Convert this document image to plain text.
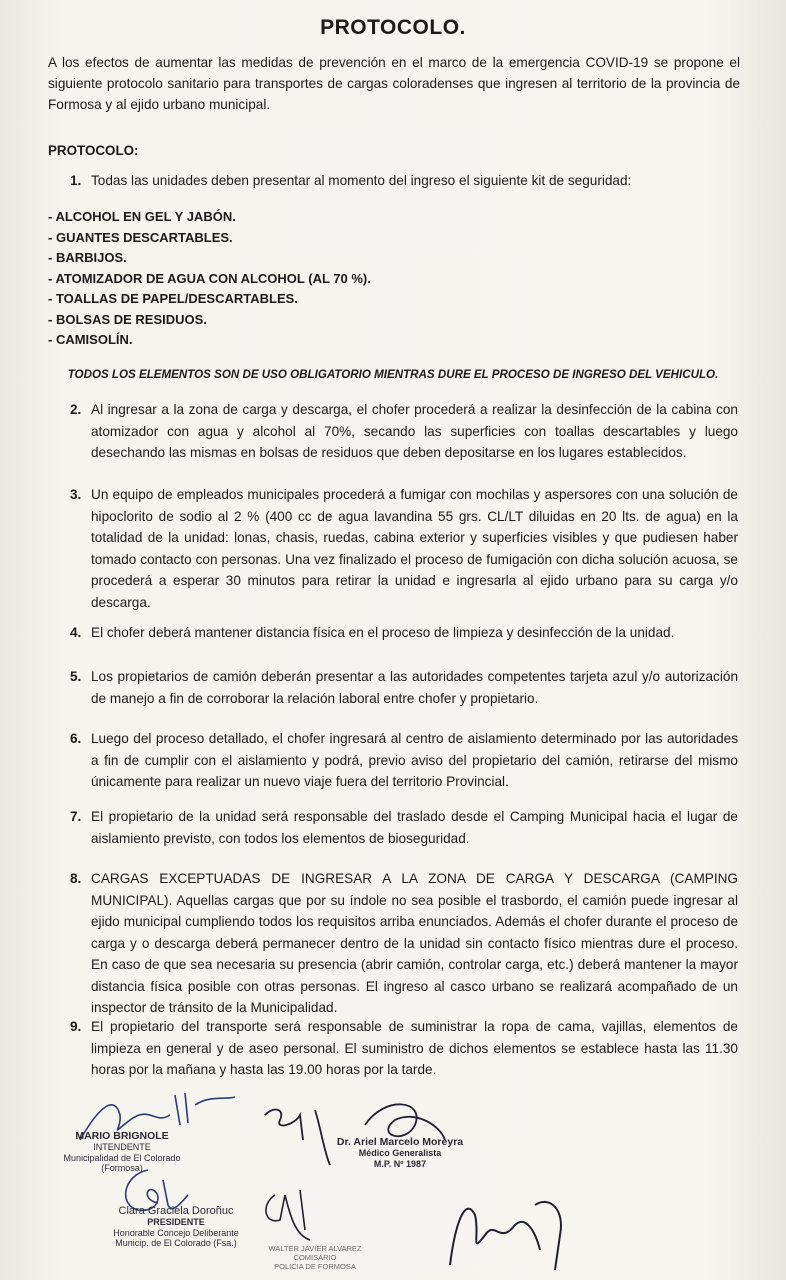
PROTOCOLO.
A los efectos de aumentar las medidas de prevención en el marco de la emergencia COVID-19 se propone el siguiente protocolo sanitario para transportes de cargas coloradenses que ingresen al territorio de la provincia de Formosa y al ejido urbano municipal.
PROTOCOLO:
1. Todas las unidades deben presentar al momento del ingreso el siguiente kit de seguridad:
- ALCOHOL EN GEL Y JABÓN.
- GUANTES DESCARTABLES.
- BARBIJOS.
- ATOMIZADOR DE AGUA CON ALCOHOL (AL 70 %).
- TOALLAS DE PAPEL/DESCARTABLES.
- BOLSAS DE RESIDUOS.
- CAMISOLÍN.
TODOS LOS ELEMENTOS SON DE USO OBLIGATORIO MIENTRAS DURE EL PROCESO DE INGRESO DEL VEHICULO.
2. Al ingresar a la zona de carga y descarga, el chofer procederá a realizar la desinfección de la cabina con atomizador con agua y alcohol al 70%, secando las superficies con toallas descartables y luego desechando las mismas en bolsas de residuos que deben depositarse en los lugares establecidos.
3. Un equipo de empleados municipales procederá a fumigar con mochilas y aspersores con una solución de hipoclorito de sodio al 2 % (400 cc de agua lavandina 55 grs. CL/LT diluidas en 20 lts. de agua) en la totalidad de la unidad: lonas, chasis, ruedas, cabina exterior y superficies visibles y que pudiesen haber tomado contacto con personas. Una vez finalizado el proceso de fumigación con dicha solución acuosa, se procederá a esperar 30 minutos para retirar la unidad e ingresarla al ejido urbano para su carga y/o descarga.
4. El chofer deberá mantener distancia física en el proceso de limpieza y desinfección de la unidad.
5. Los propietarios de camión deberán presentar a las autoridades competentes tarjeta azul y/o autorización de manejo a fin de corroborar la relación laboral entre chofer y propietario.
6. Luego del proceso detallado, el chofer ingresará al centro de aislamiento determinado por las autoridades a fin de cumplir con el aislamiento y podrá, previo aviso del propietario del camión, retirarse del mismo únicamente para realizar un nuevo viaje fuera del territorio Provincial.
7. El propietario de la unidad será responsable del traslado desde el Camping Municipal hacia el lugar de aislamiento previsto, con todos los elementos de bioseguridad.
8. CARGAS EXCEPTUADAS DE INGRESAR A LA ZONA DE CARGA Y DESCARGA (CAMPING MUNICIPAL). Aquellas cargas que por su índole no sea posible el trasbordo, el camión puede ingresar al ejido municipal cumpliendo todos los requisitos arriba enunciados. Además el chofer durante el proceso de carga y o descarga deberá permanecer dentro de la unidad sin contacto físico mientras dure el proceso. En caso de que sea necesaria su presencia (abrir camión, controlar carga, etc.) deberá mantener la mayor distancia física posible con otras personas. El ingreso al casco urbano se realizará acompañado de un inspector de tránsito de la Municipalidad.
9. El propietario del transporte será responsable de suministrar la ropa de cama, vajillas, elementos de limpieza en general y de aseo personal. El suministro de dichos elementos se establece hasta las 11.30 horas por la mañana y hasta las 19.00 horas por la tarde.
MARIO BRIGNOLE
INTENDENTE
Municipalidad de El Colorado
(Formosa)
Dr. Ariel Marcelo Moreyra
Médico Generalista
M.P. Nº 1987
Clara Graciela Doroñuc
PRESIDENTE
Honorable Concejo Deliberante
Municip. de El Colorado (Fsa.)
WALTER JAVIER ALVAREZ
COMISARIO
POLICIA DE FORMOSA
